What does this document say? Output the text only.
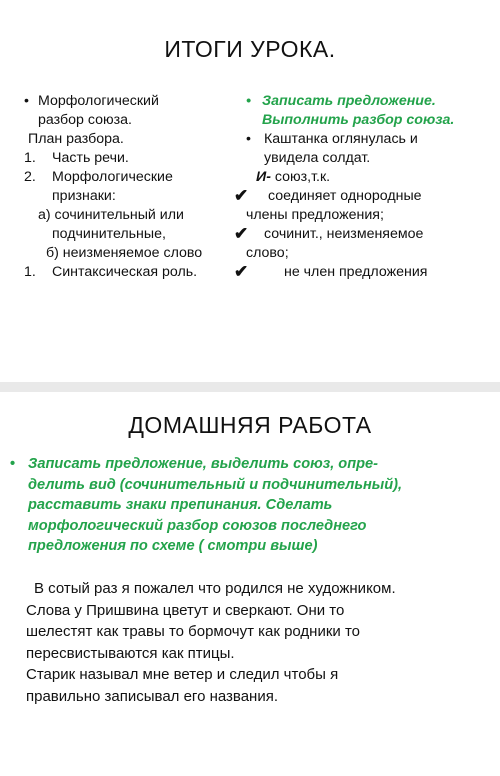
ИТОГИ УРОКА.
• Морфологический
разбор союза.
План разбора.
1. Часть речи.
2. Морфологические
признаки:
а) сочинительный или
подчинительные,
б) неизменяемое слово
1. Синтаксическая роль.
• Записать предложение.
Выполнить разбор союза.
• Каштанка оглянулась и
увидела солдат.
И- союз,т.к.
✔	соединяет однородные
члены предложения;
✔	сочинит., неизменяемое
слово;
✔	не член предложения
ДОМАШНЯЯ РАБОТА
• Записать предложение, выделить союз, опре-
делить вид (сочинительный и подчинительный),
расставить знаки препинания. Сделать
морфологический разбор союзов последнего
предложения по схеме ( смотри выше)
В сотый раз я пожалел что родился не художником.
Слова у Пришвина цветут и сверкают. Они то
шелестят как травы то бормочут как родники то
пересвистываются как птицы.
Старик называл мне ветер и следил чтобы я
правильно записывал его названия.
